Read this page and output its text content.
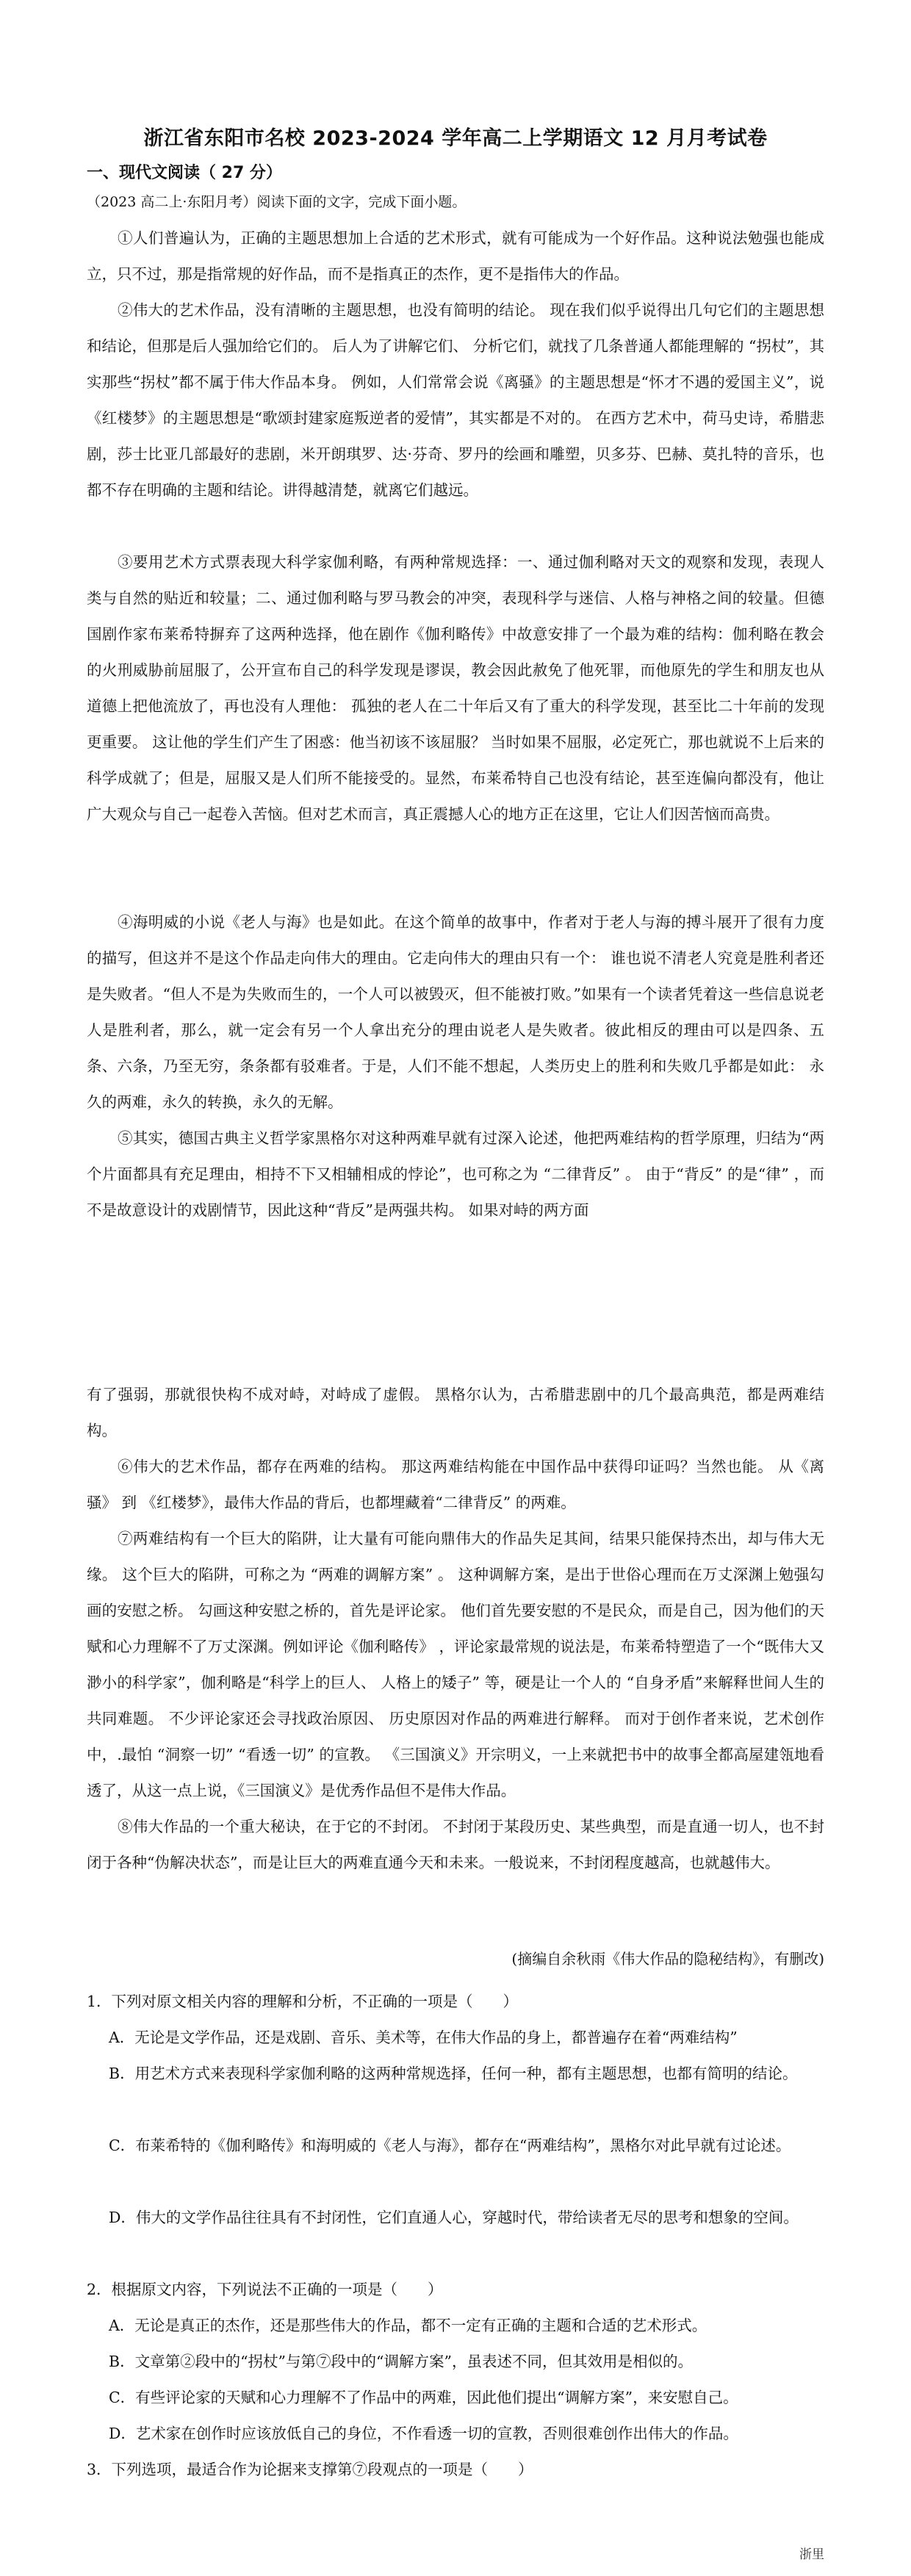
浙江省东阳市名校 2023-2024 学年高二上学期语文 12 月月考试卷
一、现代文阅读（ 27 分）
（2023 高二上·东阳月考）阅读下面的文字，完成下面小题。

①人们普遍认为，正确的主题思想加上合适的艺术形式，就有可能成为一个好作品。这种说法勉强也能成立，只不过，那是指常规的好作品，而不是指真正的杰作，更不是指伟大的作品。

②伟大的艺术作品，没有清晰的主题思想，也没有简明的结论。 现在我们似乎说得出几句它们的主题思想和结论，但那是后人强加给它们的。 后人为了讲解它们、 分析它们，就找了几条普通人都能理解的 “拐杖”，其实那些“拐杖”都不属于伟大作品本身。 例如，人们常常会说《离骚》的主题思想是“怀才不遇的爱国主义”，说《红楼梦》的主题思想是“歌颂封建家庭叛逆者的爱情”，其实都是不对的。 在西方艺术中，荷马史诗，希腊悲剧，莎士比亚几部最好的悲剧，米开朗琪罗、达·芬奇、罗丹的绘画和雕塑，贝多芬、巴赫、莫扎特的音乐，也都不存在明确的主题和结论。讲得越清楚，就离它们越远。

③要用艺术方式票表现大科学家伽利略，有两种常规选择：一、通过伽利略对天文的观察和发现，表现人类与自然的贴近和较量；二、通过伽利略与罗马教会的冲突，表现科学与迷信、人格与神格之间的较量。但德国剧作家布莱希特摒弃了这两种选择，他在剧作《伽利略传》中故意安排了一个最为难的结构：伽利略在教会的火刑威胁前屈服了，公开宣布自己的科学发现是谬误，教会因此赦免了他死罪，而他原先的学生和朋友也从道德上把他流放了，再也没有人理他： 孤独的老人在二十年后又有了重大的科学发现，甚至比二十年前的发现更重要。 这让他的学生们产生了困惑：他当初该不该屈服？ 当时如果不屈服，必定死亡，那也就说不上后来的科学成就了；但是，屈服又是人们所不能接受的。显然，布莱希特自己也没有结论，甚至连偏向都没有，他让广大观众与自己一起卷入苦恼。但对艺术而言，真正震撼人心的地方正在这里，它让人们因苦恼而高贵。

④海明威的小说《老人与海》也是如此。在这个简单的故事中，作者对于老人与海的搏斗展开了很有力度的描写，但这并不是这个作品走向伟大的理由。它走向伟大的理由只有一个： 谁也说不清老人究竟是胜利者还是失败者。“但人不是为失败而生的，一个人可以被毁灭，但不能被打败。”如果有一个读者凭着这一些信息说老人是胜利者，那么，就一定会有另一个人拿出充分的理由说老人是失败者。彼此相反的理由可以是四条、五条、六条，乃至无穷，条条都有驳难者。于是，人们不能不想起，人类历史上的胜利和失败几乎都是如此： 永久的两难，永久的转换，永久的无解。

⑤其实，德国古典主义哲学家黑格尔对这种两难早就有过深入论述，他把两难结构的哲学原理，归结为“两个片面都具有充足理由，相持不下又相辅相成的悖论”，也可称之为 “二律背反” 。 由于“背反” 的是“律” ，而不是故意设计的戏剧情节，因此这种“背反”是两强共构。 如果对峙的两方面

有了强弱，那就很快构不成对峙，对峙成了虚假。 黑格尔认为，古希腊悲剧中的几个最高典范，都是两难结构。

⑥伟大的艺术作品，都存在两难的结构。 那这两难结构能在中国作品中获得印证吗？当然也能。 从《离骚》 到 《红楼梦》，最伟大作品的背后，也都埋藏着“二律背反” 的两难。

⑦两难结构有一个巨大的陷阱，让大量有可能向鼎伟大的作品失足其间，结果只能保持杰出，却与伟大无缘。 这个巨大的陷阱，可称之为 “两难的调解方案” 。 这种调解方案，是出于世俗心理而在万丈深渊上勉强勾画的安慰之桥。 勾画这种安慰之桥的，首先是评论家。 他们首先要安慰的不是民众，而是自己，因为他们的天赋和心力理解不了万丈深渊。例如评论《伽利略传》 ，评论家最常规的说法是，布莱希特塑造了一个“既伟大又渺小的科学家”，伽利略是“科学上的巨人、 人格上的矮子” 等，硬是让一个人的 “自身矛盾”来解释世间人生的共同难题。 不少评论家还会寻找政治原因、 历史原因对作品的两难进行解释。 而对于创作者来说，艺术创作中，.最怕 “洞察一切” “看透一切” 的宣教。 《三国演义》开宗明义，一上来就把书中的故事全都高屋建瓴地看透了，从这一点上说，《三国演义》是优秀作品但不是伟大作品。

⑧伟大作品的一个重大秘诀，在于它的不封闭。 不封闭于某段历史、某些典型，而是直通一切人，也不封闭于各种“伪解决状态”，而是让巨大的两难直通今天和未来。一般说来，不封闭程度越高，也就越伟大。

(摘编自余秋雨《伟大作品的隐秘结构》，有删改)

1．下列对原文相关内容的理解和分析，不正确的一项是（　　）

A．无论是文学作品，还是戏剧、音乐、美术等，在伟大作品的身上，都普遍存在着“两难结构”

B．用艺术方式来表现科学家伽利略的这两种常规选择，任何一种，都有主题思想，也都有简明的结论。

C．布莱希特的《伽利略传》和海明威的《老人与海》，都存在“两难结构”，黑格尔对此早就有过论述。

D．伟大的文学作品往往具有不封闭性，它们直通人心，穿越时代，带给读者无尽的思考和想象的空间。

2．根据原文内容，下列说法不正确的一项是（　　）

A．无论是真正的杰作，还是那些伟大的作品，都不一定有正确的主题和合适的艺术形式。

B．文章第②段中的“拐杖”与第⑦段中的“调解方案”，虽表述不同，但其效用是相似的。

C．有些评论家的天赋和心力理解不了作品中的两难，因此他们提出“调解方案”，来安慰自己。

D．艺术家在创作时应该放低自己的身位，不作看透一切的宣教，否则很难创作出伟大的作品。

3．下列选项，最适合作为论据来支撑第⑦段观点的一项是（　　）

浙里
